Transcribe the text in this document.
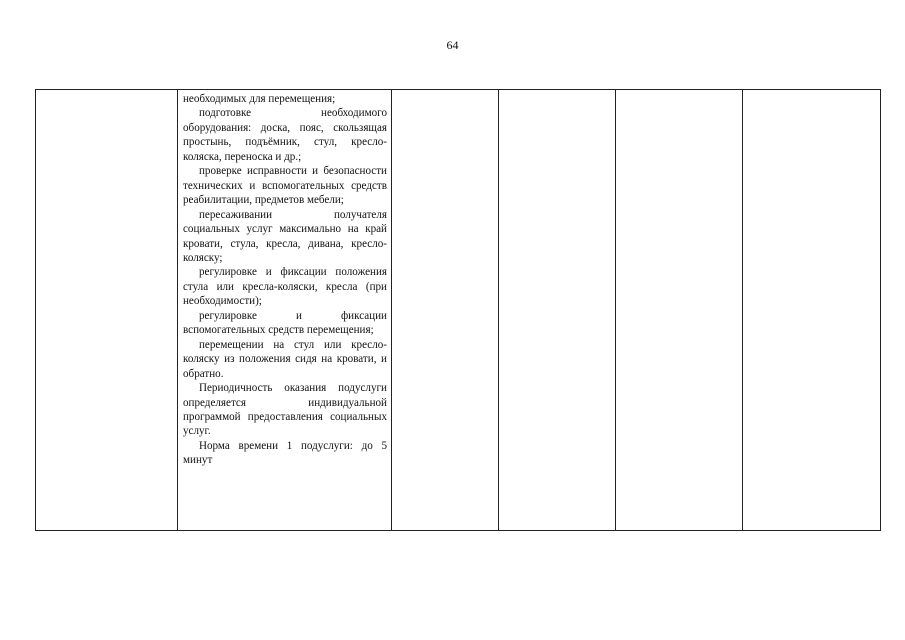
64

необходимых для перемещения;

подготовке необходимого оборудования: доска, пояс, скользящая простынь, подъёмник, стул, кресло-коляска, переноска и др.;

проверке исправности и безопасности технических и вспомогательных средств реабилитации, предметов мебели;

пересаживании получателя социальных услуг максимально на край кровати, стула, кресла, дивана, кресло-коляску;

регулировке и фиксации положения стула или кресла-коляски, кресла (при необходимости);

регулировке и фиксации вспомогательных средств перемещения;

перемещении на стул или кресло-коляску из положения сидя на кровати, и обратно.

Периодичность оказания подуслуги определяется индивидуальной программой предоставления социальных услуг.

Норма времени 1 подуслуги: до 5 минут
